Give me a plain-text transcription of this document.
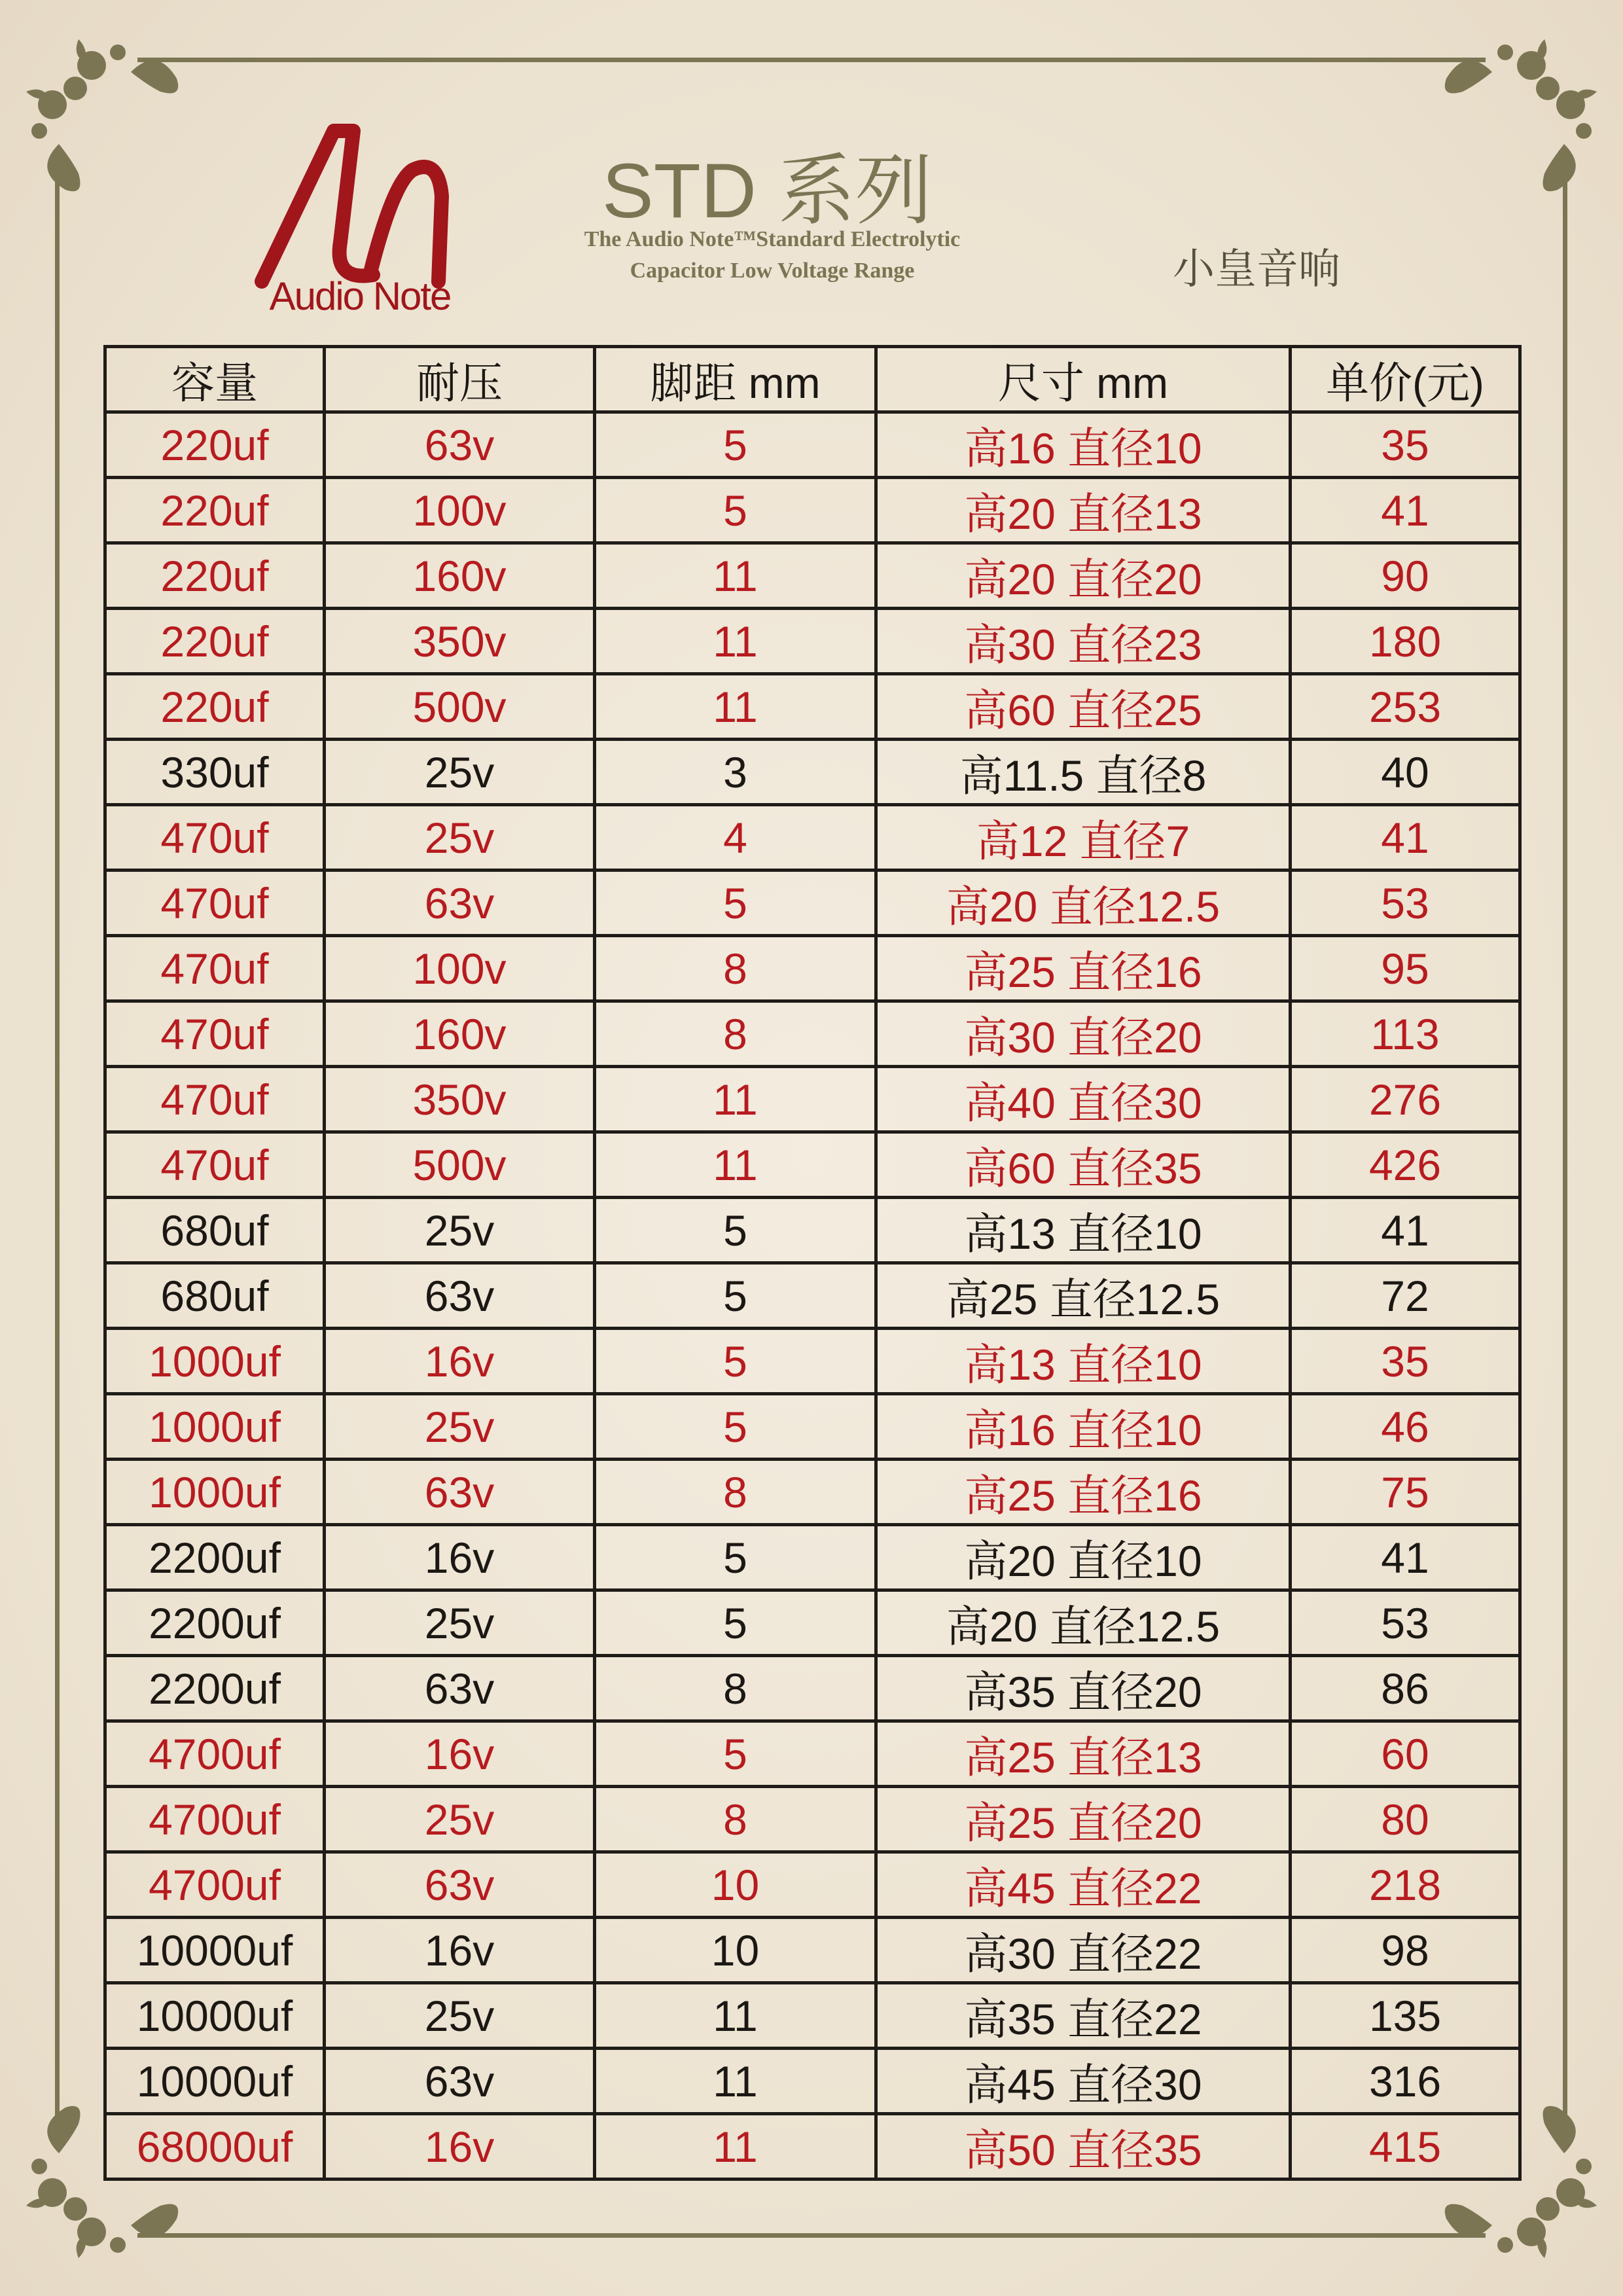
Audio Note
STD 系列
The Audio Note™Standard Electrolytic
Capacitor Low Voltage Range	小皇音响
容量	耐压	脚距 mm	尺寸 mm	单价(元)
220uf	63v	5	高16 直径10	35
220uf	100v	5	高20 直径13	41
220uf	160v	11	高20 直径20	90
220uf	350v	11	高30 直径23	180
220uf	500v	11	高60 直径25	253
330uf	25v	3	高11.5 直径8	40
470uf	25v	4	高12 直径7	41
470uf	63v	5	高20 直径12.5	53
470uf	100v	8	高25 直径16	95
470uf	160v	8	高30 直径20	113
470uf	350v	11	高40 直径30	276
470uf	500v	11	高60 直径35	426
680uf	25v	5	高13 直径10	41
680uf	63v	5	高25 直径12.5	72
1000uf	16v	5	高13 直径10	35
1000uf	25v	5	高16 直径10	46
1000uf	63v	8	高25 直径16	75
2200uf	16v	5	高20 直径10	41
2200uf	25v	5	高20 直径12.5	53
2200uf	63v	8	高35 直径20	86
4700uf	16v	5	高25 直径13	60
4700uf	25v	8	高25 直径20	80
4700uf	63v	10	高45 直径22	218
10000uf	16v	10	高30 直径22	98
10000uf	25v	11	高35 直径22	135
10000uf	63v	11	高45 直径30	316
68000uf	16v	11	高50 直径35	415
